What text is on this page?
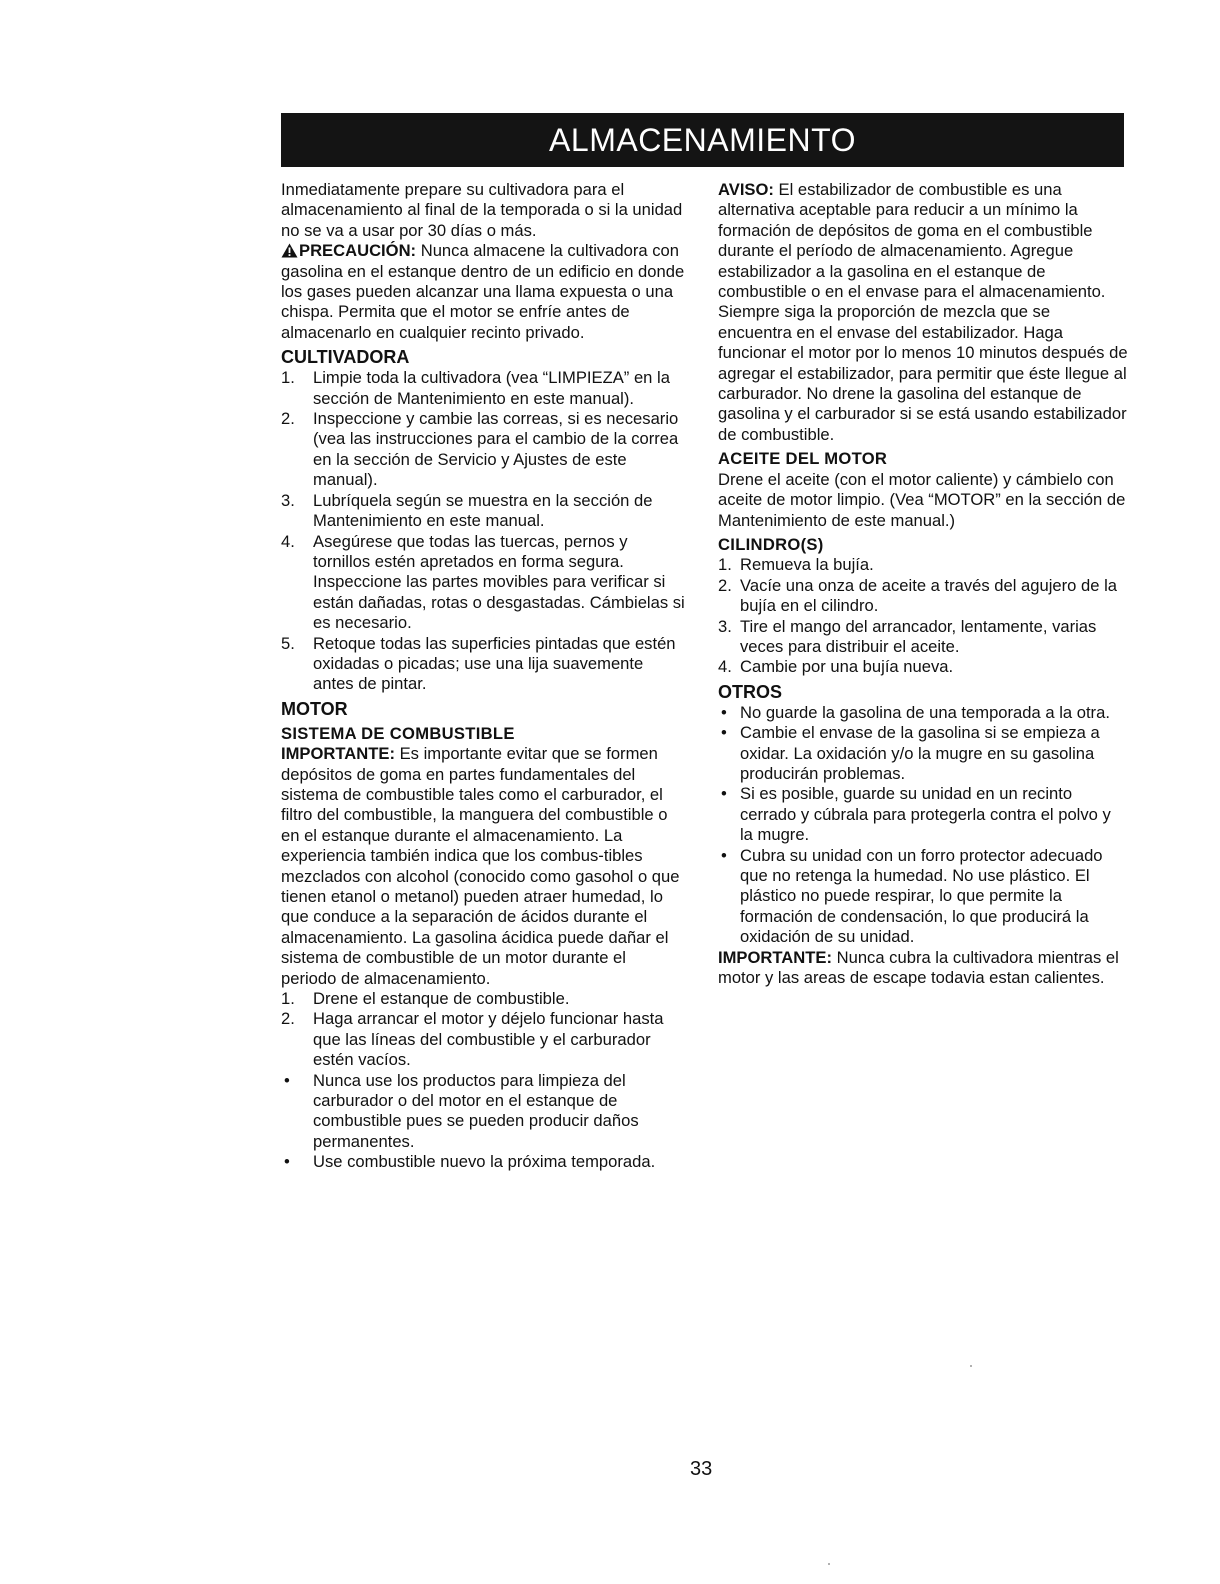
ALMACENAMIENTO

Inmediatamente prepare su cultivadora para el almacenamiento al final de la temporada o si la unidad no se va a usar por 30 días o más.

PRECAUCIÓN: Nunca almacene la cultivadora con gasolina en el estanque dentro de un edificio en donde los gases pueden alcanzar una llama expuesta o una chispa. Permita que el motor se enfríe antes de almacenarlo en cualquier recinto privado.

CULTIVADORA
1. Limpie toda la cultivadora (vea “LIMPIEZA” en la sección de Mantenimiento en este manual).
2. Inspeccione y cambie las correas, si es necesario (vea las instrucciones para el cambio de la correa en la sección de Servicio y Ajustes de este manual).
3. Lubríquela según se muestra en la sección de Mantenimiento en este manual.
4. Asegúrese que todas las tuercas, pernos y tornillos estén apretados en forma segura. Inspeccione las partes movibles para verificar si están dañadas, rotas o desgastadas. Cámbielas si es necesario.
5. Retoque todas las superficies pintadas que estén oxidadas o picadas; use una lija suavemente antes de pintar.
MOTOR
SISTEMA DE COMBUSTIBLE

IMPORTANTE: Es importante evitar que se formen depósitos de goma en partes fundamentales del sistema de combustible tales como el carburador, el filtro del combustible, la manguera del combustible o en el estanque durante el almacenamiento. La experiencia también indica que los combus-tibles mezclados con alcohol (conocido como gasohol o que tienen etanol o metanol) pueden atraer humedad, lo que conduce a la separación de ácidos durante el almacenamiento. La gasolina ácidica puede dañar el sistema de combustible de un motor durante el periodo de almacenamiento.

1. Drene el estanque de combustible.
2. Haga arrancar el motor y déjelo funcionar hasta que las líneas del combustible y el carburador estén vacíos.
• Nunca use los productos para limpieza del carburador o del motor en el estanque de combustible pues se pueden producir daños permanentes.
• Use combustible nuevo la próxima temporada.

AVISO: El estabilizador de combustible es una alternativa aceptable para reducir a un mínimo la formación de depósitos de goma en el combustible durante el período de almacenamiento. Agregue estabilizador a la gasolina en el estanque de combustible o en el envase para el almacenamiento. Siempre siga la proporción de mezcla que se encuentra en el envase del estabilizador. Haga funcionar el motor por lo menos 10 minutos después de agregar el estabilizador, para permitir que éste llegue al carburador. No drene la gasolina del estanque de gasolina y el carburador si se está usando estabilizador de combustible.

ACEITE DEL MOTOR

Drene el aceite (con el motor caliente) y cámbielo con aceite de motor limpio. (Vea “MOTOR” en la sección de Mantenimiento de este manual.)

CILINDRO(S)
1. Remueva la bujía.
2. Vacíe una onza de aceite a través del agujero de la bujía en el cilindro.
3. Tire el mango del arrancador, lentamente, varias veces para distribuir el aceite.
4. Cambie por una bujía nueva.
OTROS
• No guarde la gasolina de una temporada a la otra.
• Cambie el envase de la gasolina si se empieza a oxidar. La oxidación y/o la mugre en su gasolina producirán problemas.
• Si es posible, guarde su unidad en un recinto cerrado y cúbrala para protegerla contra el polvo y la mugre.
• Cubra su unidad con un forro protector adecuado que no retenga la humedad. No use plástico. El plástico no puede respirar, lo que permite la formación de condensación, lo que producirá la oxidación de su unidad.

IMPORTANTE: Nunca cubra la cultivadora mientras el motor y las areas de escape todavia estan calientes.

33
